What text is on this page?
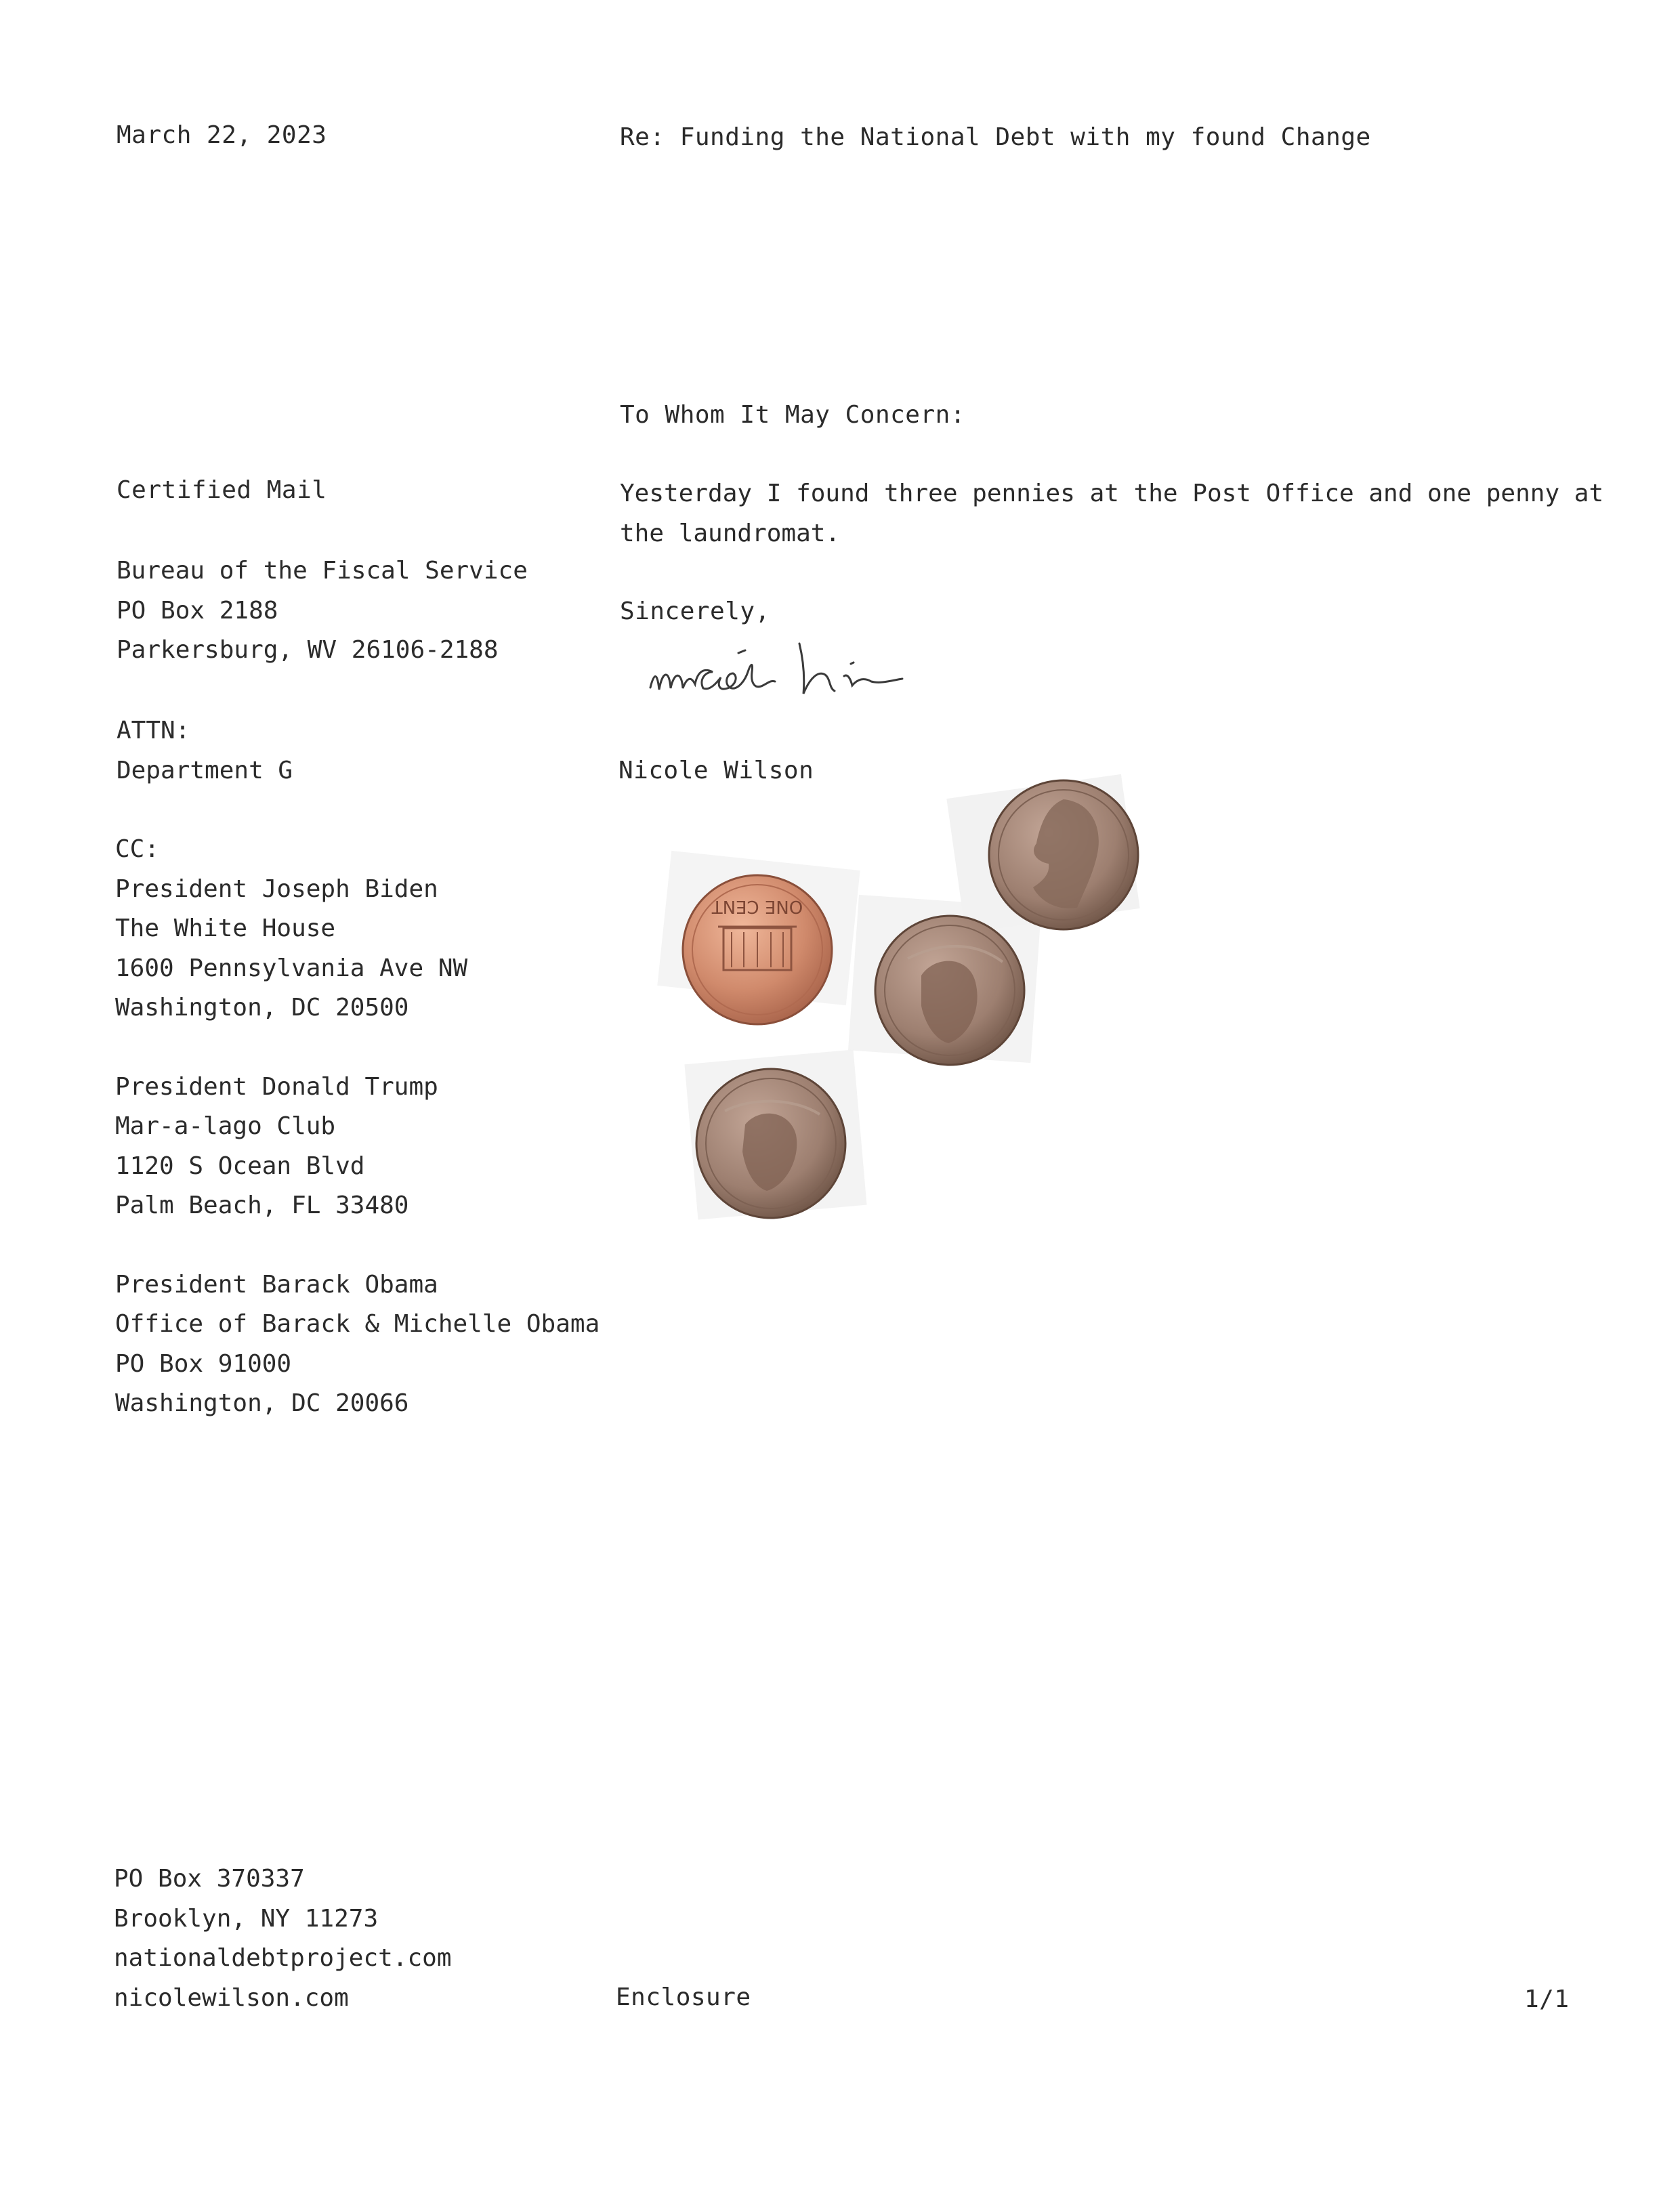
March 22, 2023	Re: Funding the National Debt with my found Change
To Whom It May Concern:
Yesterday I found three pennies at the Post Office and one penny at
the laundromat.
Sincerely,
Nicole Wilson
Certified Mail
Bureau of the Fiscal Service
PO Box 2188
Parkersburg, WV 26106-2188
ATTN:
Department G
CC:
President Joseph Biden
The White House
1600 Pennsylvania Ave NW
Washington, DC 20500
President Donald Trump
Mar-a-lago Club
1120 S Ocean Blvd
Palm Beach, FL 33480
President Barack Obama
Office of Barack & Michelle Obama
PO Box 91000
Washington, DC 20066
ONE CENT
PO Box 370337
Brooklyn, NY 11273
nationaldebtproject.com
nicolewilson.com	Enclosure	1/1
